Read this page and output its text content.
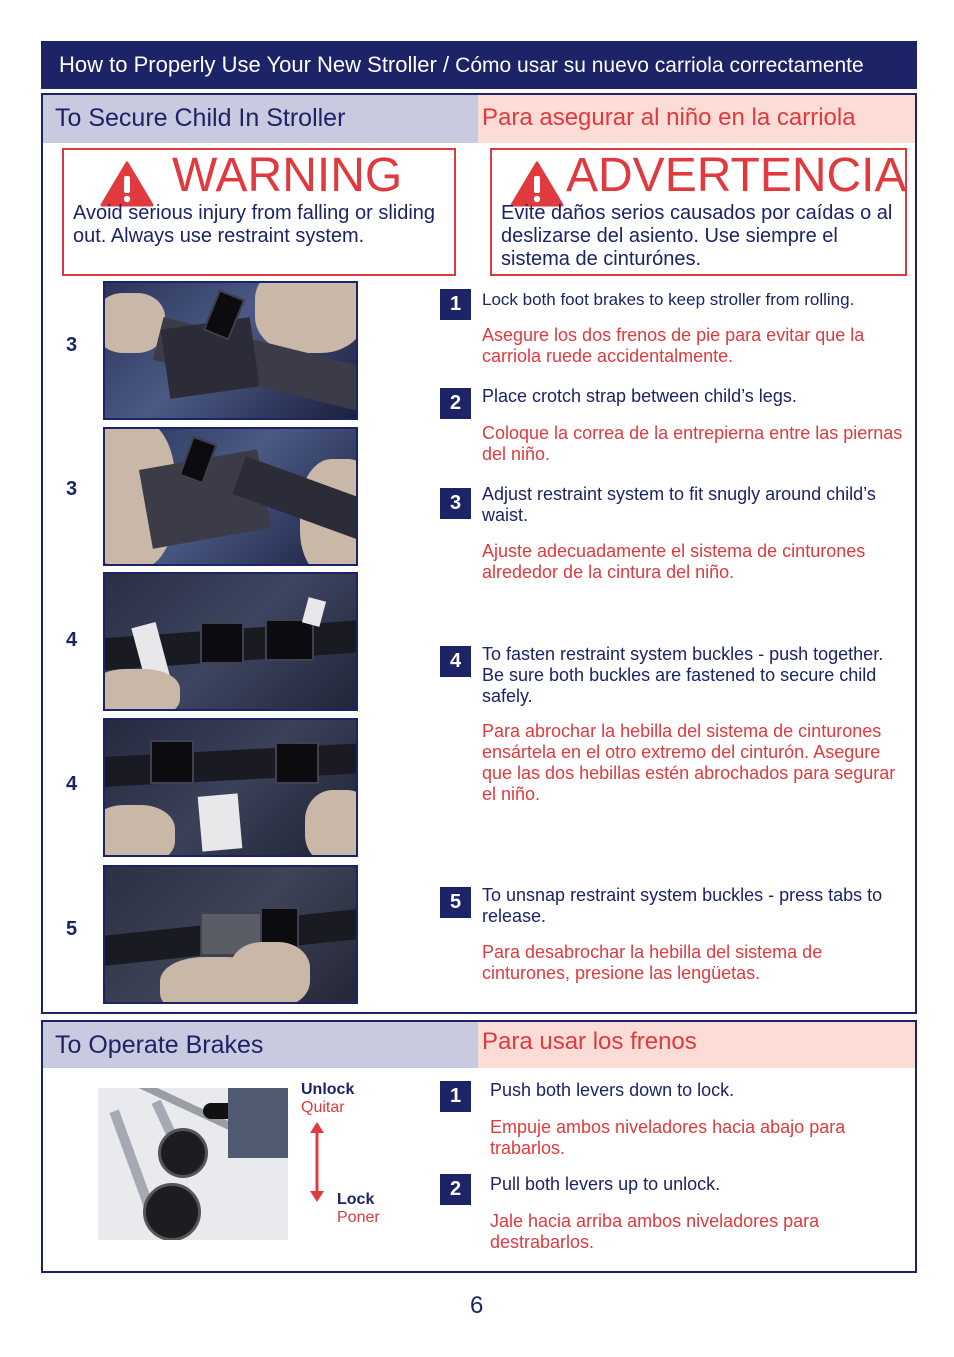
How to Properly Use Your New Stroller / Cómo usar su nuevo carriola correctamente
To Secure Child In Stroller	Para asegurar al niño en la carriola
WARNING
Avoid serious injury from falling or sliding out. Always use restraint system.
ADVERTENCIA
Evite daños serios causados por caídas o al deslizarse del asiento. Use siempre el sistema de cinturónes.
3
3
4
4
5
1	Lock both foot brakes to keep stroller from rolling.
Asegure los dos frenos de pie para evitar que la carriola ruede accidentalmente.
2	Place crotch strap between child’s legs.
Coloque la correa de la entrepierna entre las piernas del niño.
3	Adjust restraint system to fit snugly around child’s waist.
Ajuste adecuadamente el sistema de cinturones alrededor de la cintura del niño.
4	To fasten restraint system buckles - push together. Be sure both buckles are fastened to secure child safely.
Para abrochar la hebilla del sistema de cinturones ensártela en el otro extremo del cinturón. Asegure que las dos hebillas estén abrochados para segurar el niño.
5	To unsnap restraint system buckles - press tabs to release.
Para desabrochar la hebilla del sistema de cinturones, presione las lengüetas.
To Operate Brakes	Para usar los frenos
Unlock
Quitar
Lock
Poner
1	Push both levers down to lock.
Empuje ambos niveladores hacia abajo para trabarlos.
2	Pull both levers up to unlock.
Jale hacia arriba ambos niveladores para destrabarlos.
6
